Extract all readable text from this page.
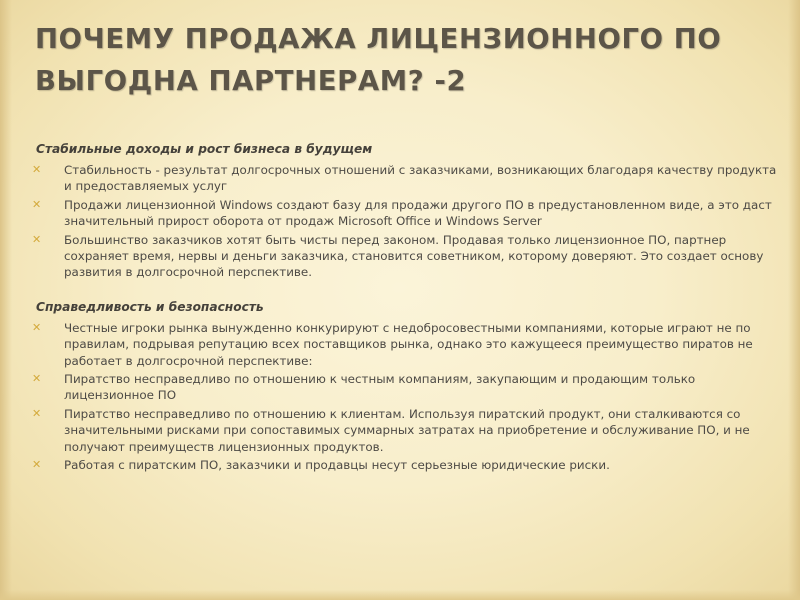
ПОЧЕМУ ПРОДАЖА ЛИЦЕНЗИОННОГО ПО ВЫГОДНА ПАРТНЕРАМ? -2
Стабильные доходы и рост бизнеса в будущем
✕ Стабильность - результат долгосрочных отношений с заказчиками, возникающих благодаря качеству продукта и предоставляемых услуг
✕ Продажи лицензионной Windows создают базу для продажи другого ПО в предустановленном виде, а это даст значительный прирост оборота от продаж Microsoft Office и Windows Server
✕ Большинство заказчиков хотят быть чисты перед законом. Продавая только лицензионное ПО, партнер сохраняет время, нервы и деньги заказчика, становится советником, которому доверяют. Это создает основу развития в долгосрочной перспективе.
Справедливость и безопасность
✕ Честные игроки рынка вынужденно конкурируют с недобросовестными компаниями, которые играют не по правилам, подрывая репутацию всех поставщиков рынка, однако это кажущееся преимущество пиратов не работает в долгосрочной перспективе:
✕ Пиратство несправедливо по отношению к честным компаниям, закупающим и продающим только лицензионное ПО
✕ Пиратство несправедливо по отношению к клиентам. Используя пиратский продукт, они сталкиваются со значительными рисками при сопоставимых суммарных затратах на приобретение и обслуживание ПО, и не получают преимуществ лицензионных продуктов.
✕ Работая с пиратским ПО, заказчики и продавцы несут серьезные юридические риски.
